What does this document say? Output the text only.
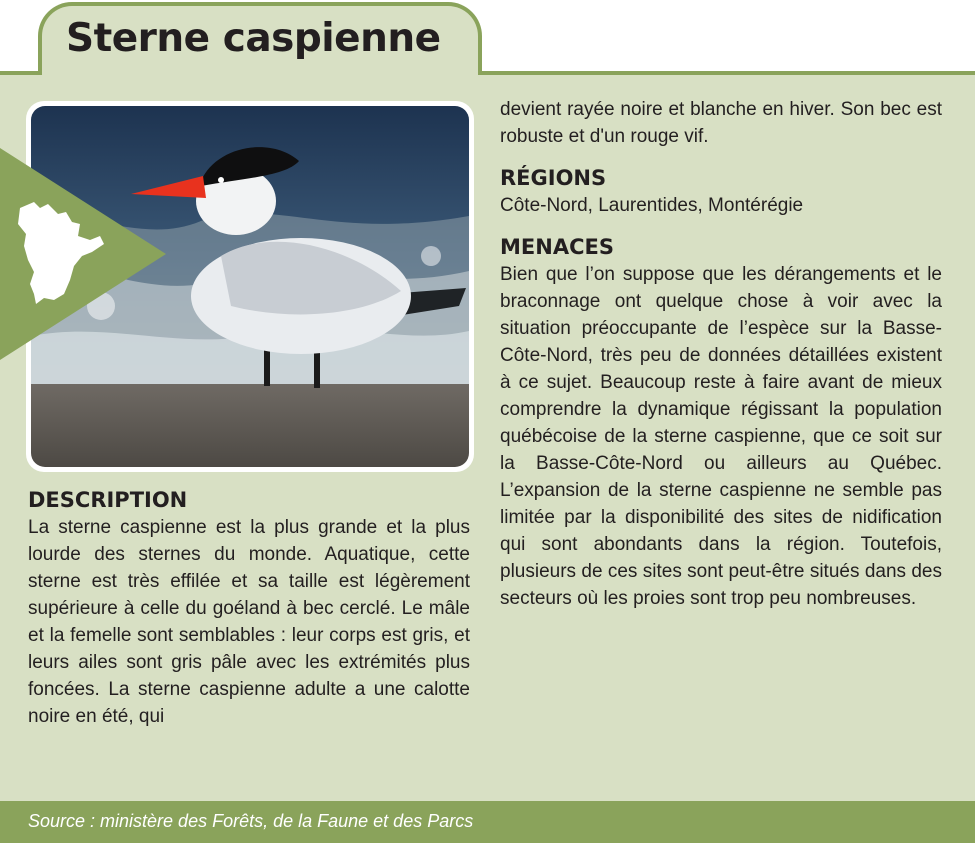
Sterne caspienne
DESCRIPTION

La sterne caspienne est la plus grande et la plus lourde des sternes du monde. Aquatique, cette sterne est très effilée et sa taille est légèrement supérieure à celle du goéland à bec cerclé. Le mâle et la femelle sont semblables : leur corps est gris, et leurs ailes sont gris pâle avec les extrémités plus foncées. La sterne caspienne adulte a une calotte noire en été, qui

devient rayée noire et blanche en hiver. Son bec est robuste et d'un rouge vif.

RÉGIONS

Côte-Nord, Laurentides, Montérégie

MENACES

Bien que l’on suppose que les dérangements et le braconnage ont quelque chose à voir avec la situation préoccupante de l’espèce sur la Basse-Côte-Nord, très peu de données détaillées existent à ce sujet. Beaucoup reste à faire avant de mieux comprendre la dynamique régissant la population québécoise de la sterne caspienne, que ce soit sur la Basse-Côte-Nord ou ailleurs au Québec. L’expansion de la sterne caspienne ne semble pas limitée par la disponibilité des sites de nidification qui sont abondants dans la région. Toutefois, plusieurs de ces sites sont peut-être situés dans des secteurs où les proies sont trop peu nombreuses.

Source : ministère des Forêts, de la Faune et des Parcs
